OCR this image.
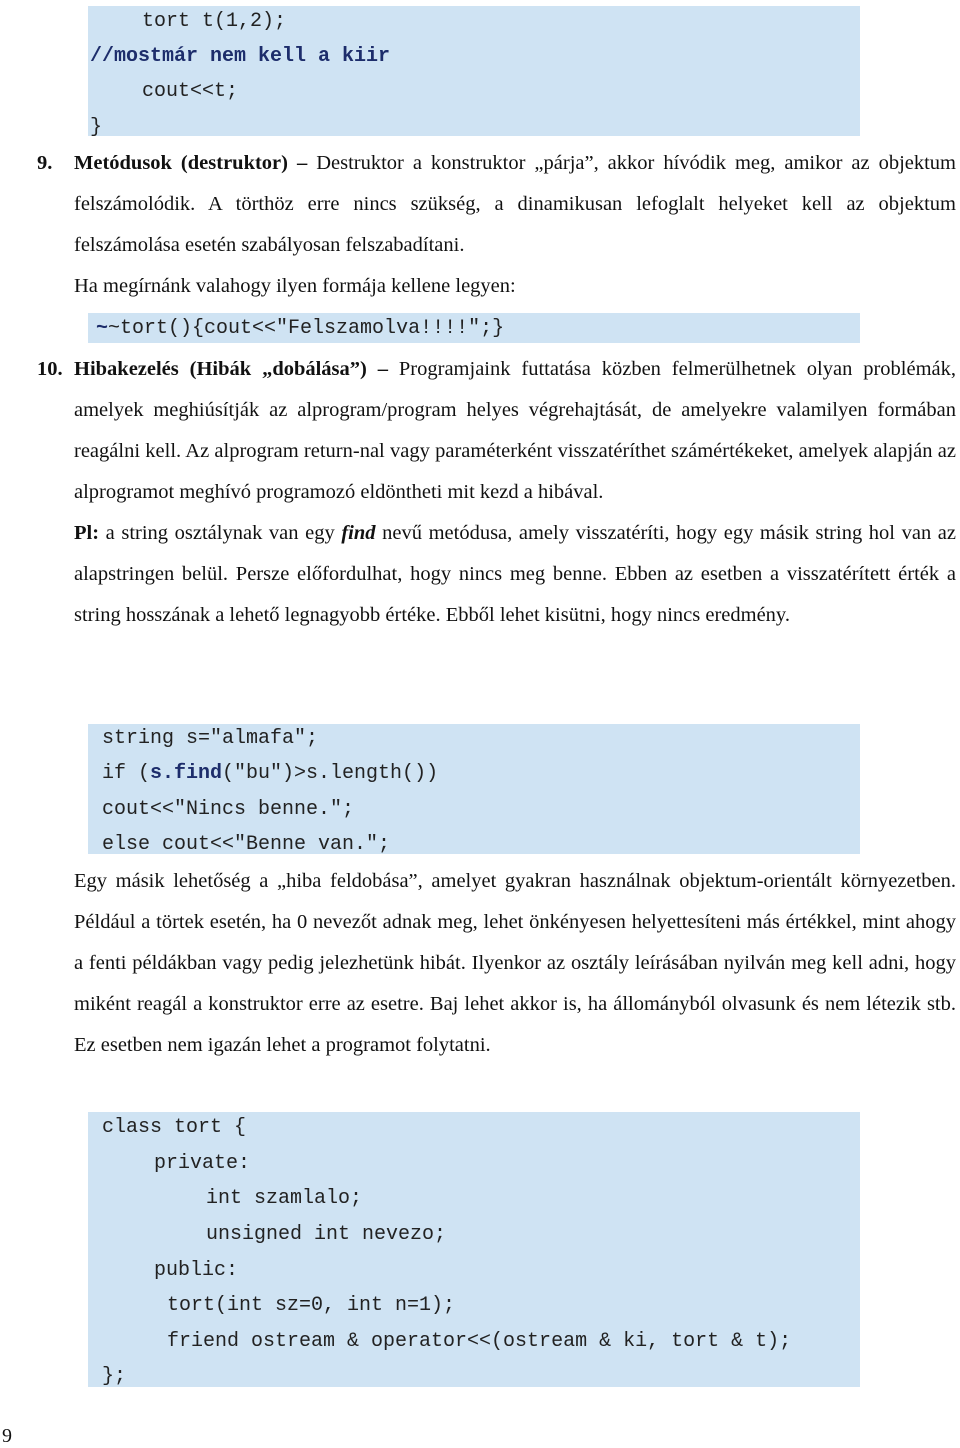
tort t(1,2);
//mostmár nem kell a kiir
cout<<t;
}
9. Metódusok (destruktor) – Destruktor a konstruktor „párja”, akkor hívódik meg, amikor az objektum felszámolódik. A törthöz erre nincs szükség, a dinamikusan lefoglalt helyeket kell az objektum felszámolása esetén szabályosan felszabadítani.

Ha megírnánk valahogy ilyen formája kellene legyen:

~~tort(){cout<<"Felszamolva!!!!";}
10. Hibakezelés (Hibák „dobálása”) – Programjaink futtatása közben felmerülhetnek olyan problémák, amelyek meghiúsítják az alprogram/program helyes végrehajtását, de amelyekre valamilyen formában reagálni kell. Az alprogram return-nal vagy paraméterként visszatéríthet számértékeket, amelyek alapján az alprogramot meghívó programozó eldöntheti mit kezd a hibával.

Pl: a string osztálynak van egy find nevű metódusa, amely visszatéríti, hogy egy másik string hol van az alapstringen belül. Persze előfordulhat, hogy nincs meg benne. Ebben az esetben a visszatérített érték a string hosszának a lehető legnagyobb értéke. Ebből lehet kisütni, hogy nincs eredmény.

string s="almafa";
if (s.find("bu")>s.length())
cout<<"Nincs benne.";
else cout<<"Benne van.";

Egy másik lehetőség a „hiba feldobása”, amelyet gyakran használnak objektum-orientált környezetben. Például a törtek esetén, ha 0 nevezőt adnak meg, lehet önkényesen helyettesíteni más értékkel, mint ahogy a fenti példákban vagy pedig jelezhetünk hibát. Ilyenkor az osztály leírásában nyilván meg kell adni, hogy miként reagál a konstruktor erre az esetre. Baj lehet akkor is, ha állományból olvasunk és nem létezik stb. Ez esetben nem igazán lehet a programot folytatni.

class tort {
private:
int szamlalo;
unsigned int nevezo;
public:
tort(int sz=0, int n=1);
friend ostream & operator<<(ostream & ki, tort & t);
};
9
